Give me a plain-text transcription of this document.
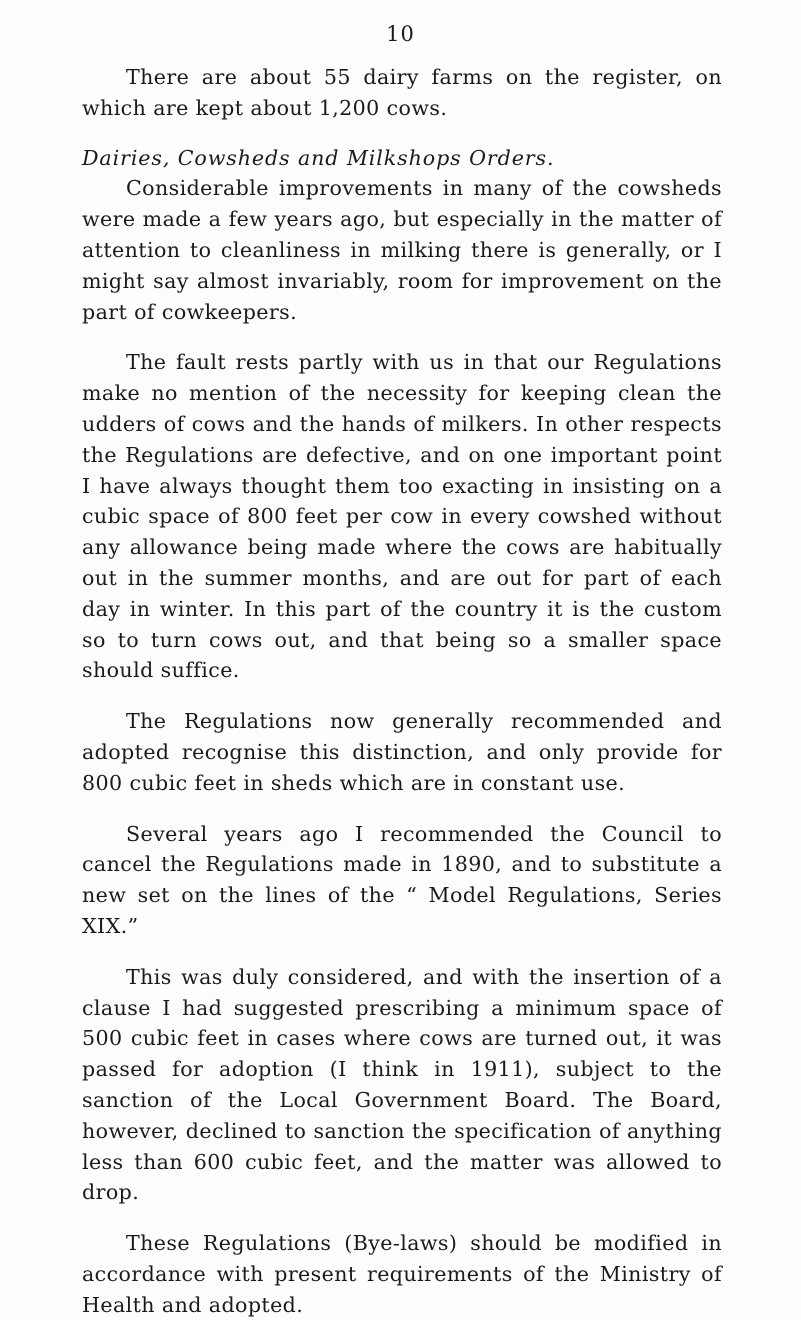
10

There are about 55 dairy farms on the register, on which are kept about 1,200 cows.

Dairies, Cowsheds and Milkshops Orders.

Considerable improvements in many of the cowsheds were made a few years ago, but especially in the matter of attention to cleanliness in milking there is generally, or I might say almost invariably, room for improvement on the part of cowkeepers.

The fault rests partly with us in that our Regulations make no mention of the necessity for keeping clean the udders of cows and the hands of milkers. In other respects the Regulations are defective, and on one important point I have always thought them too exacting in insisting on a cubic space of 800 feet per cow in every cowshed without any allowance being made where the cows are habitually out in the summer months, and are out for part of each day in winter. In this part of the country it is the custom so to turn cows out, and that being so a smaller space should suffice.

The Regulations now generally recommended and adopted recognise this distinction, and only provide for 800 cubic feet in sheds which are in constant use.

Several years ago I recommended the Council to cancel the Regulations made in 1890, and to substitute a new set on the lines of the “ Model Regulations, Series XIX.”

This was duly considered, and with the insertion of a clause I had suggested prescribing a minimum space of 500 cubic feet in cases where cows are turned out, it was passed for adoption (I think in 1911), subject to the sanction of the Local Government Board. The Board, however, declined to sanction the specification of anything less than 600 cubic feet, and the matter was allowed to drop.

These Regulations (Bye-laws) should be modified in accordance with present requirements of the Ministry of Health and adopted.
